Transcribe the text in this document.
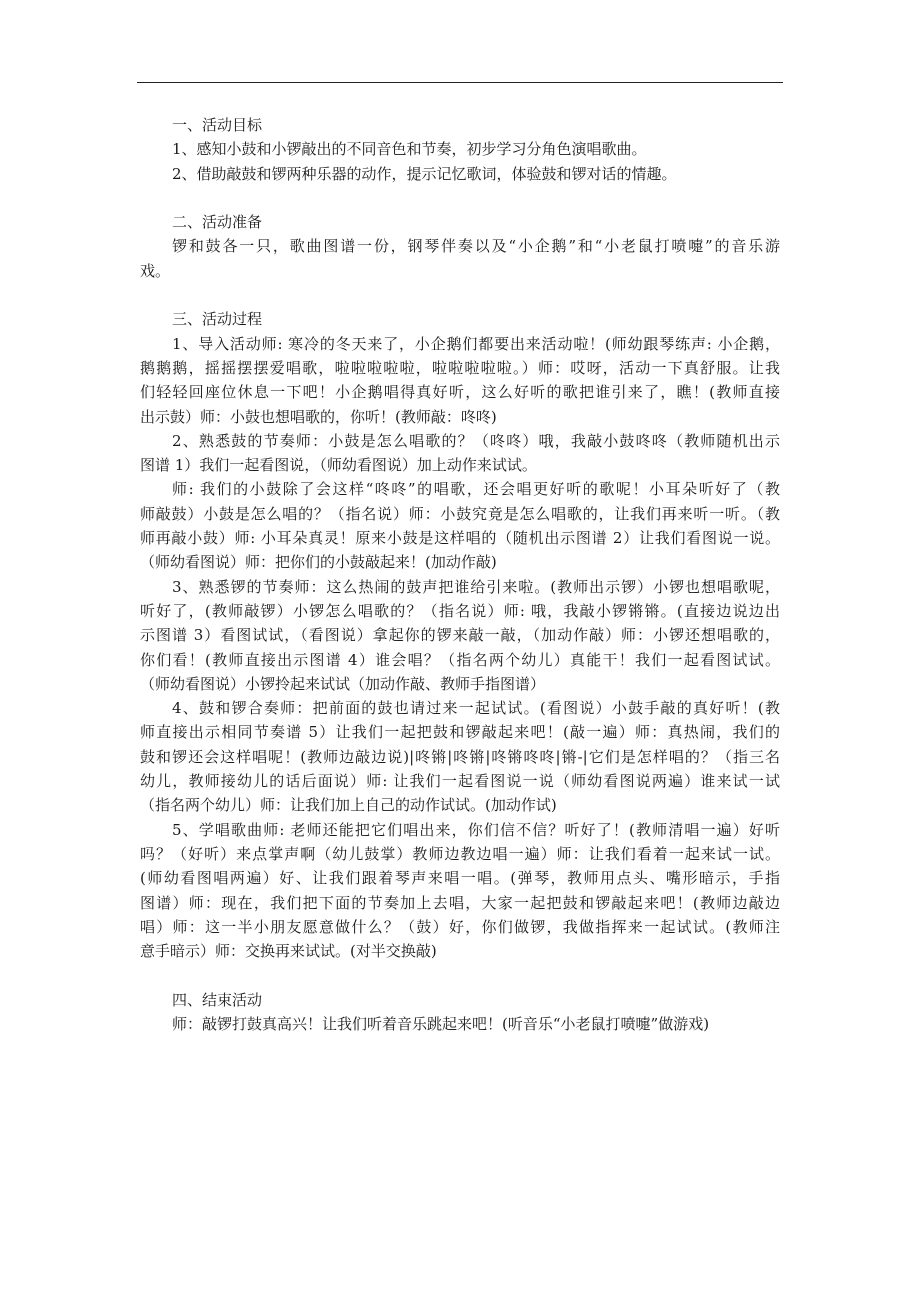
一、活动目标
1、感知小鼓和小锣敲出的不同音色和节奏，初步学习分角色演唱歌曲。
2、借助敲鼓和锣两种乐器的动作，提示记忆歌词，体验鼓和锣对话的情趣。
二、活动准备
锣和鼓各一只，歌曲图谱一份，钢琴伴奏以及“小企鹅”和“小老鼠打喷嚏”的音乐游
戏。
三、活动过程
1、导入活动师: 寒冷的冬天来了，小企鹅们都要出来活动啦！(师幼跟琴练声: 小企鹅，
鹅鹅鹅，摇摇摆摆爱唱歌，啦啦啦啦啦，啦啦啦啦啦。）师：哎呀，活动一下真舒服。让我
们轻轻回座位休息一下吧！小企鹅唱得真好听，这么好听的歌把谁引来了，瞧！(教师直接
出示鼓）师：小鼓也想唱歌的，你听！(教师敲：咚咚)
2、熟悉鼓的节奏师：小鼓是怎么唱歌的？（咚咚）哦，我敲小鼓咚咚（教师随机出示
图谱 1）我们一起看图说，（师幼看图说）加上动作来试试。
师: 我们的小鼓除了会这样“咚咚”的唱歌，还会唱更好听的歌呢！小耳朵听好了（教
师敲鼓）小鼓是怎么唱的？（指名说）师：小鼓究竟是怎么唱歌的，让我们再来听一听。（教
师再敲小鼓）师: 小耳朵真灵！原来小鼓是这样唱的（随机出示图谱 2）让我们看图说一说。
（师幼看图说）师：把你们的小鼓敲起来！(加动作敲)
3、熟悉锣的节奏师：这么热闹的鼓声把谁给引来啦。(教师出示锣）小锣也想唱歌呢，
听好了，(教师敲锣）小锣怎么唱歌的？（指名说）师: 哦，我敲小锣锵锵。(直接边说边出
示图谱 3）看图试试，（看图说）拿起你的锣来敲一敲，（加动作敲）师：小锣还想唱歌的，
你们看！(教师直接出示图谱 4）谁会唱？（指名两个幼儿）真能干！我们一起看图试试。
（师幼看图说）小锣拎起来试试（加动作敲、教师手指图谱）
4、鼓和锣合奏师：把前面的鼓也请过来一起试试。(看图说）小鼓手敲的真好听！(教
师直接出示相同节奏谱 5）让我们一起把鼓和锣敲起来吧！(敲一遍）师：真热闹，我们的
鼓和锣还会这样唱呢！(教师边敲边说)|咚锵|咚锵|咚锵咚咚|锵-|它们是怎样唱的？（指三名
幼儿，教师接幼儿的话后面说）师: 让我们一起看图说一说（师幼看图说两遍）谁来试一试
（指名两个幼儿）师：让我们加上自己的动作试试。(加动作试)
5、学唱歌曲师: 老师还能把它们唱出来，你们信不信？听好了！(教师清唱一遍）好听
吗？（好听）来点掌声啊（幼儿鼓掌）教师边教边唱一遍）师：让我们看着一起来试一试。
(师幼看图唱两遍）好、让我们跟着琴声来唱一唱。(弹琴，教师用点头、嘴形暗示，手指
图谱）师：现在，我们把下面的节奏加上去唱，大家一起把鼓和锣敲起来吧！(教师边敲边
唱）师：这一半小朋友愿意做什么？（鼓）好，你们做锣，我做指挥来一起试试。(教师注
意手暗示）师：交换再来试试。(对半交换敲)
四、结束活动
师：敲锣打鼓真高兴！让我们听着音乐跳起来吧！(听音乐“小老鼠打喷嚏”做游戏)
